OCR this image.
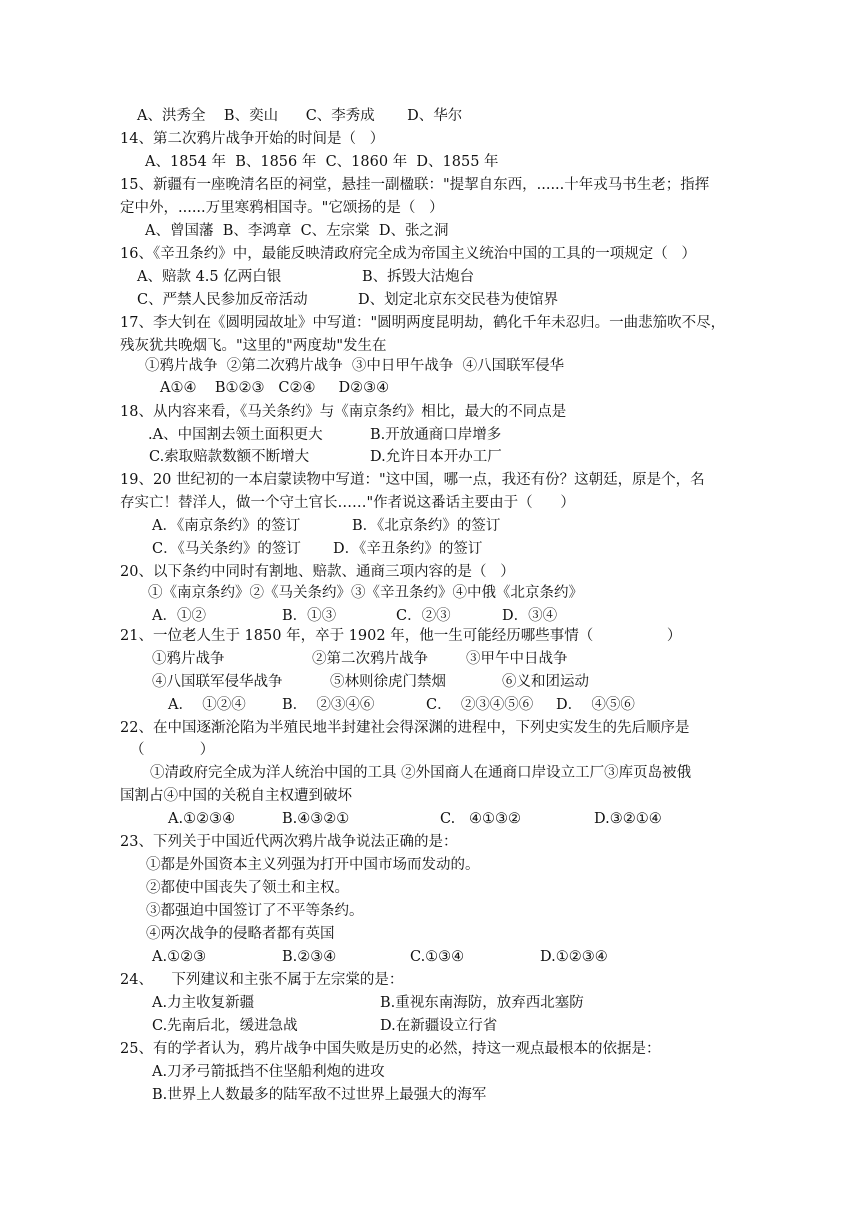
A、洪秀全    B、奕山      C、李秀成       D、华尔
14、第二次鸦片战争开始的时间是（   ）
A、1854 年  B、1856 年  C、1860 年  D、1855 年
15、新疆有一座晚清名臣的祠堂，悬挂一副楹联："提挈自东西，......十年戎马书生老；指挥
定中外，......万里寒鸦相国寺。"它颂扬的是（   ）
A、曾国藩  B、李鸿章  C、左宗棠  D、张之洞
16、《辛丑条约》中，最能反映清政府完全成为帝国主义统治中国的工具的一项规定（   ）
A、赔款 4.5 亿两白银	B、拆毁大沽炮台
C、严禁人民参加反帝活动	D、划定北京东交民巷为使馆界
17、李大钊在《圆明园故址》中写道："圆明两度昆明劫，鹤化千年未忍归。一曲悲笳吹不尽，
残灰犹共晚烟飞。"这里的"两度劫"发生在
①鸦片战争  ②第二次鸦片战争  ③中日甲午战争  ④八国联军侵华
A①④    B①②③   C②④     D②③④
18、从内容来看，《马关条约》与《南京条约》相比，最大的不同点是
.A、中国割去领土面积更大	B.开放通商口岸增多
C.索取赔款数额不断增大	D.允许日本开办工厂
19、20 世纪初的一本启蒙读物中写道："这中国，哪一点，我还有份？这朝廷，原是个，名
存实亡！替洋人，做一个守土官长……"作者说这番话主要由于（      ）
A．《南京条约》的签订	B．《北京条约》的签订
C．《马关条约》的签订 D．《辛丑条约》的签订
20、以下条约中同时有割地、赔款、通商三项内容的是（   ）
①《南京条约》②《马关条约》③《辛丑条约》④中俄《北京条约》
A．①②	B．①③	C．②③	D．③④
21、一位老人生于 1850 年，卒于 1902 年，他一生可能经历哪些事情（                ）
①鸦片战争	②第二次鸦片战争	③甲午中日战争
④八国联军侵华战争	⑤林则徐虎门禁烟	⑥义和团运动
A．  ①②④	B．  ②③④⑥	C．  ②③④⑤⑥ D．  ④⑤⑥
22、在中国逐渐沦陷为半殖民地半封建社会得深渊的进程中，下列史实发生的先后顺序是
（            ）
①清政府完全成为洋人统治中国的工具 ②外国商人在通商口岸设立工厂③库页岛被俄
国割占④中国的关税自主权遭到破坏
A.①②③④	B.④③②①	C.   ④①③②	D.③②①④
23、下列关于中国近代两次鸦片战争说法正确的是：
①都是外国资本主义列强为打开中国市场而发动的。
②都使中国丧失了领土和主权。
③都强迫中国签订了不平等条约。
④两次战争的侵略者都有英国
A.①②③	B.②③④	C.①③④	D.①②③④
24、    下列建议和主张不属于左宗棠的是：
A.力主收复新疆	B.重视东南海防，放弃西北塞防
C.先南后北，缓进急战	D.在新疆设立行省
25、有的学者认为，鸦片战争中国失败是历史的必然，持这一观点最根本的依据是：
A.刀矛弓箭抵挡不住坚船利炮的进攻
B.世界上人数最多的陆军敌不过世界上最强大的海军
